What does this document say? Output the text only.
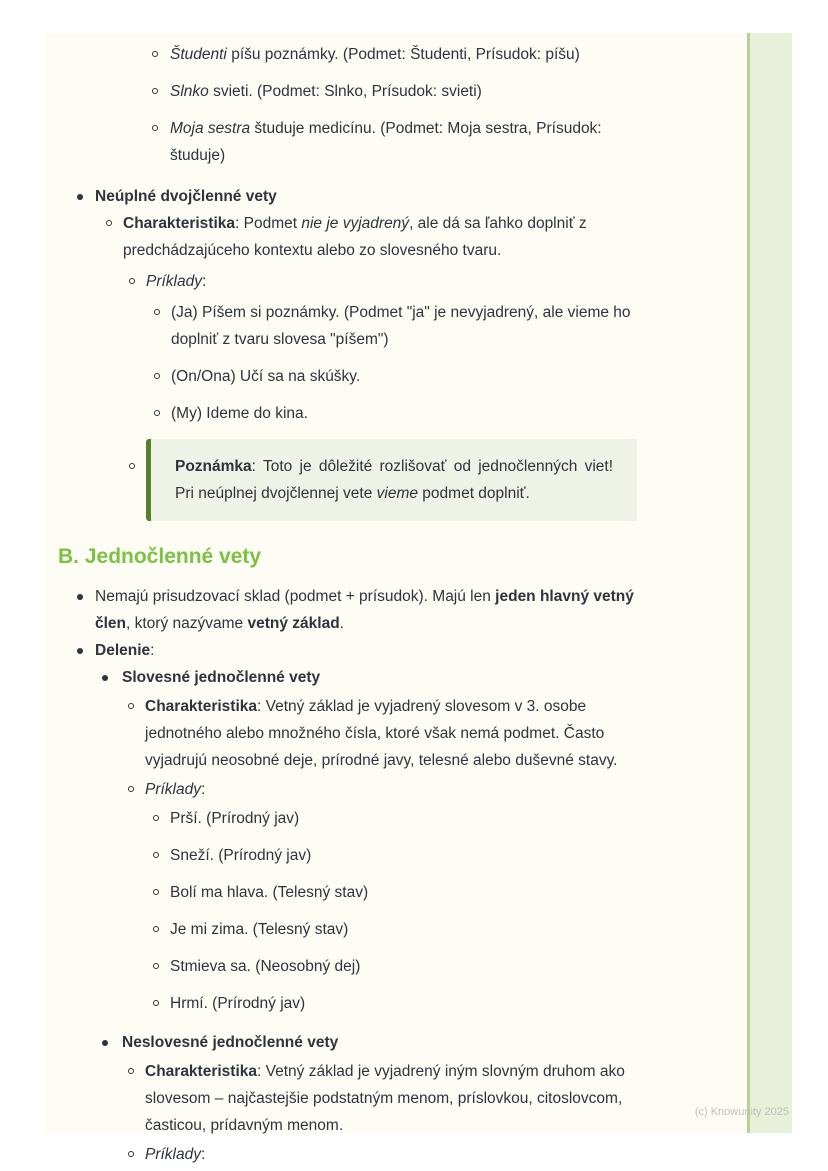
Študenti píšu poznámky. (Podmet: Študenti, Prísudok: píšu)
Slnko svieti. (Podmet: Slnko, Prísudok: svieti)
Moja sestra študuje medicínu. (Podmet: Moja sestra, Prísudok: študuje)
Neúplné dvojčlenné vety
Charakteristika: Podmet nie je vyjadrený, ale dá sa ľahko doplniť z predchádzajúceho kontextu alebo zo slovesného tvaru.
Príklady:
(Ja) Píšem si poznámky. (Podmet "ja" je nevyjadrený, ale vieme ho doplniť z tvaru slovesa "píšem")
(On/Ona) Učí sa na skúšky.
(My) Ideme do kina.
Poznámka: Toto je dôležité rozlišovať od jednočlenných viet! Pri neúplnej dvojčlennej vete vieme podmet doplniť.
B. Jednočlenné vety
Nemajú prisudzovací sklad (podmet + prísudok). Majú len jeden hlavný vetný člen, ktorý nazývame vetný základ.
Delenie:
Slovesné jednočlenné vety
Charakteristika: Vetný základ je vyjadrený slovesom v 3. osobe jednotného alebo množného čísla, ktoré však nemá podmet. Často vyjadrujú neosobné deje, prírodné javy, telesné alebo duševné stavy.
Príklady:
Prší. (Prírodný jav)
Sneží. (Prírodný jav)
Bolí ma hlava. (Telesný stav)
Je mi zima. (Telesný stav)
Stmieva sa. (Neosobný dej)
Hrmí. (Prírodný jav)
Neslovesné jednočlenné vety
Charakteristika: Vetný základ je vyjadrený iným slovným druhom ako slovesom – najčastejšie podstatným menom, príslovkou, citoslovcom, časticou, prídavným menom.
Príklady:
(c) Knowunity 2025
